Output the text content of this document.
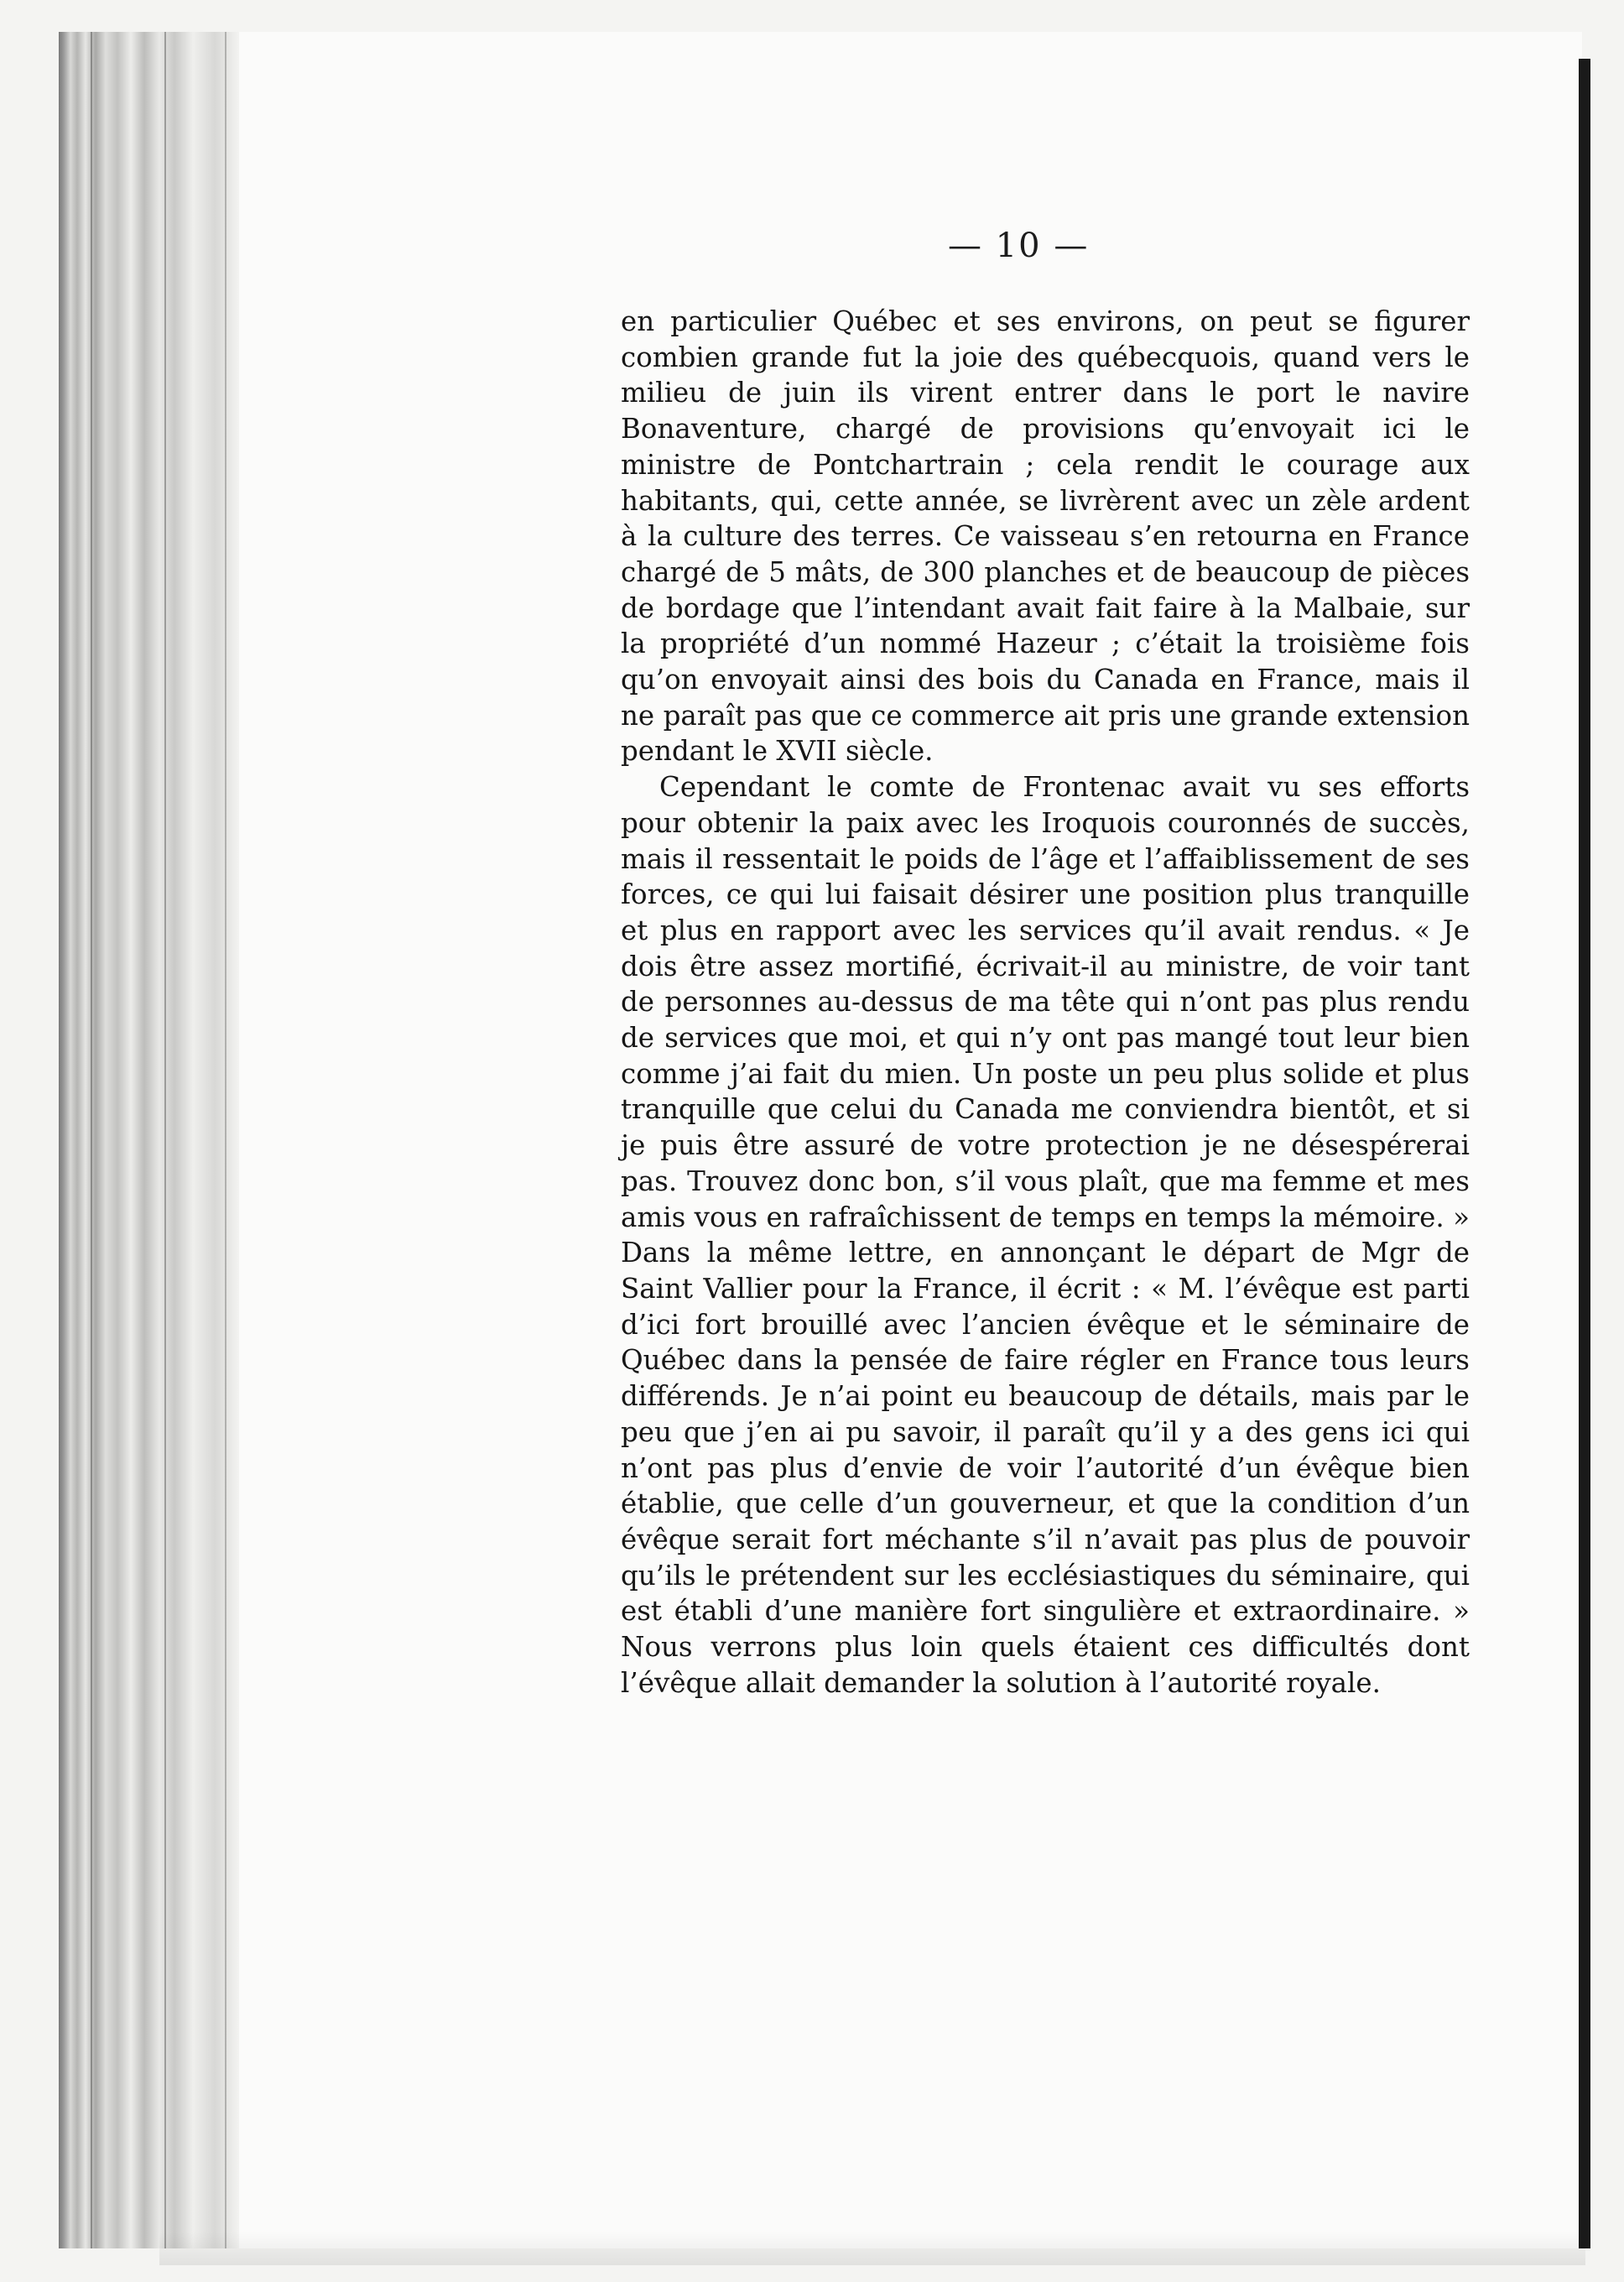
— 10 —

en particulier Québec et ses environs, on peut se figurer combien grande fut la joie des québecquois, quand vers le milieu de juin ils virent entrer dans le port le navire Bonaventure, chargé de provisions qu’envoyait ici le ministre de Pontchartrain ; cela rendit le courage aux habitants, qui, cette année, se livrèrent avec un zèle ardent à la culture des terres. Ce vaisseau s’en retourna en France chargé de 5 mâts, de 300 planches et de beaucoup de pièces de bordage que l’intendant avait fait faire à la Malbaie, sur la propriété d’un nommé Hazeur ; c’était la troisième fois qu’on envoyait ainsi des bois du Canada en France, mais il ne paraît pas que ce commerce ait pris une grande extension pendant le XVII siècle.

Cependant le comte de Frontenac avait vu ses efforts pour obtenir la paix avec les Iroquois couronnés de succès, mais il ressentait le poids de l’âge et l’affaiblissement de ses forces, ce qui lui faisait désirer une position plus tranquille et plus en rapport avec les services qu’il avait rendus. « Je dois être assez mortifié, écrivait-il au ministre, de voir tant de personnes au-dessus de ma tête qui n’ont pas plus rendu de services que moi, et qui n’y ont pas mangé tout leur bien comme j’ai fait du mien. Un poste un peu plus solide et plus tranquille que celui du Canada me conviendra bientôt, et si je puis être assuré de votre protection je ne désespérerai pas. Trouvez donc bon, s’il vous plaît, que ma femme et mes amis vous en rafraîchissent de temps en temps la mémoire. » Dans la même lettre, en annonçant le départ de Mgr de Saint Vallier pour la France, il écrit : « M. l’évêque est parti d’ici fort brouillé avec l’ancien évêque et le séminaire de Québec dans la pensée de faire régler en France tous leurs différends. Je n’ai point eu beaucoup de détails, mais par le peu que j’en ai pu savoir, il paraît qu’il y a des gens ici qui n’ont pas plus d’envie de voir l’autorité d’un évêque bien établie, que celle d’un gouverneur, et que la condition d’un évêque serait fort méchante s’il n’avait pas plus de pouvoir qu’ils le prétendent sur les ecclésiastiques du séminaire, qui est établi d’une manière fort singulière et extraordinaire. » Nous verrons plus loin quels étaient ces difficultés dont l’évêque allait demander la solution à l’autorité royale.
